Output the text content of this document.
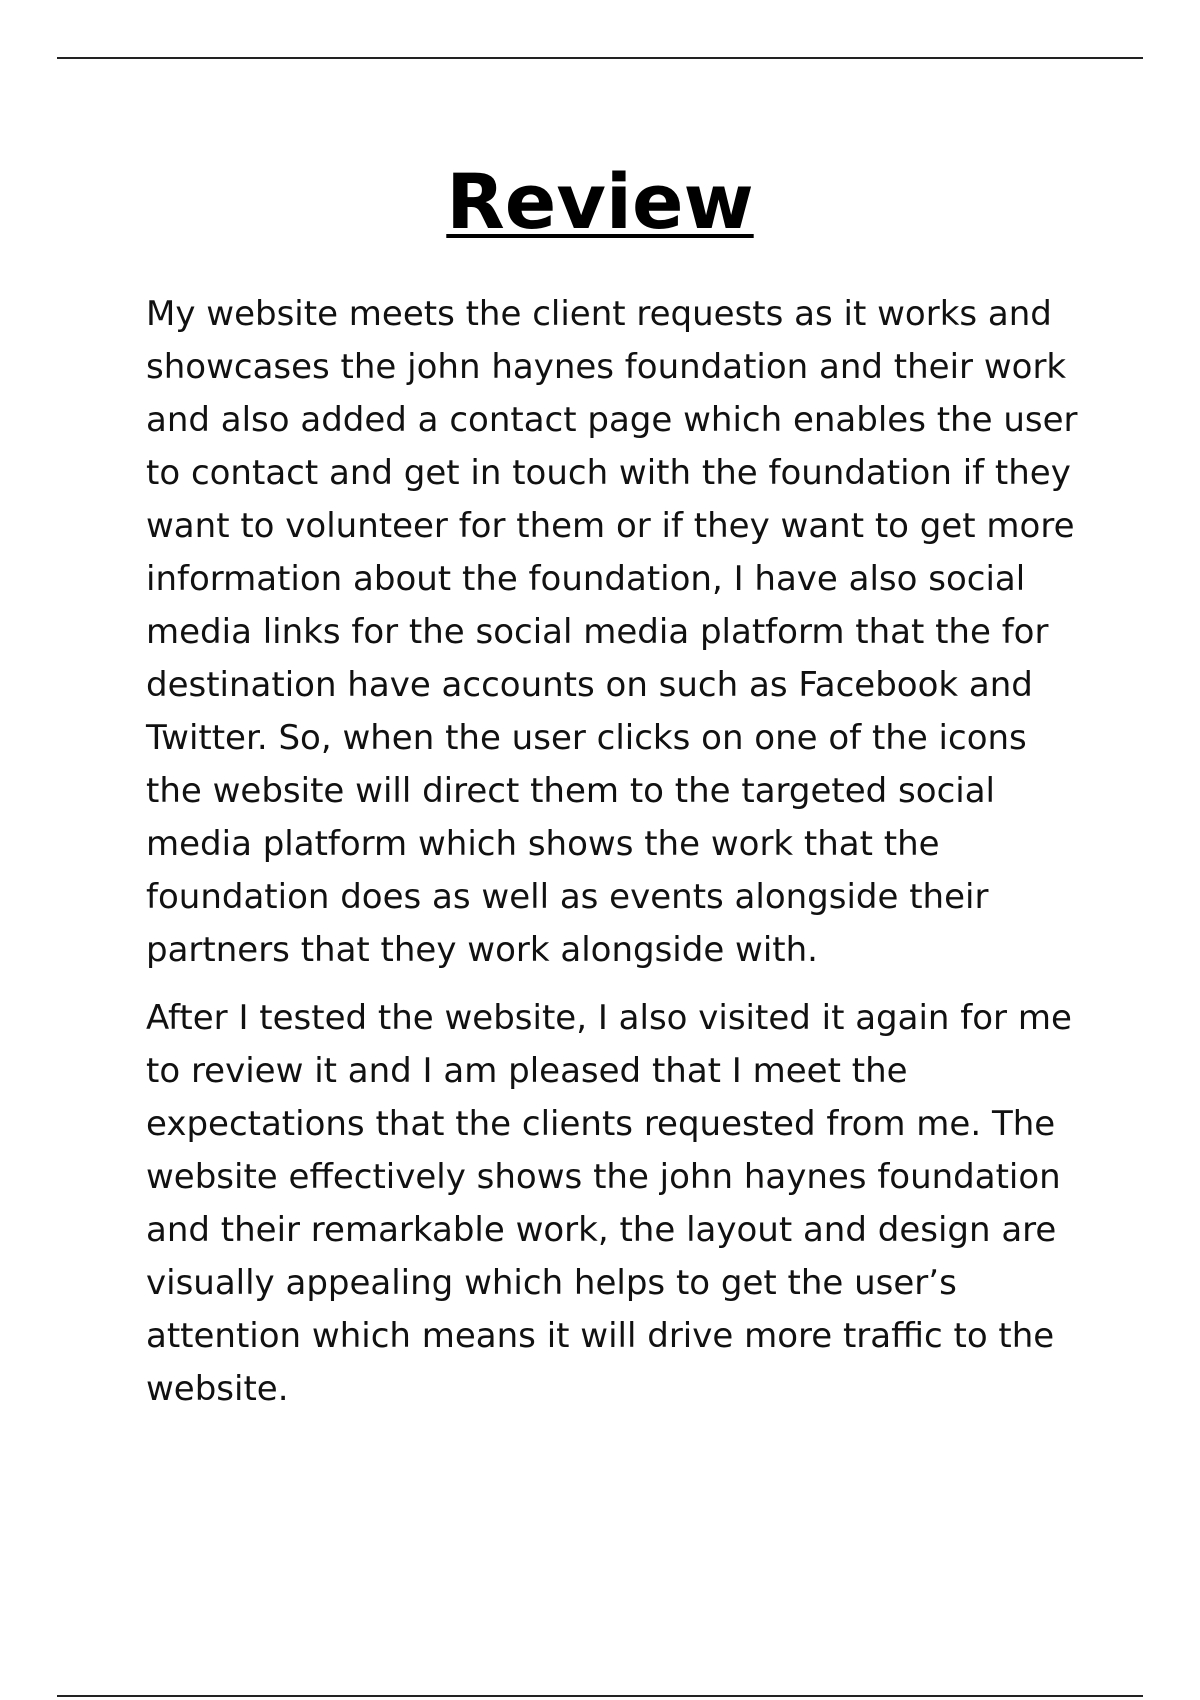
Review

My website meets the client requests as it works and
showcases the john haynes foundation and their work
and also added a contact page which enables the user
to contact and get in touch with the foundation if they
want to volunteer for them or if they want to get more
information about the foundation, I have also social
media links for the social media platform that the for
destination have accounts on such as Facebook and
Twitter. So, when the user clicks on one of the icons
the website will direct them to the targeted social
media platform which shows the work that the
foundation does as well as events alongside their
partners that they work alongside with.

After I tested the website, I also visited it again for me
to review it and I am pleased that I meet the
expectations that the clients requested from me. The
website effectively shows the john haynes foundation
and their remarkable work, the layout and design are
visually appealing which helps to get the user’s
attention which means it will drive more traffic to the
website.
